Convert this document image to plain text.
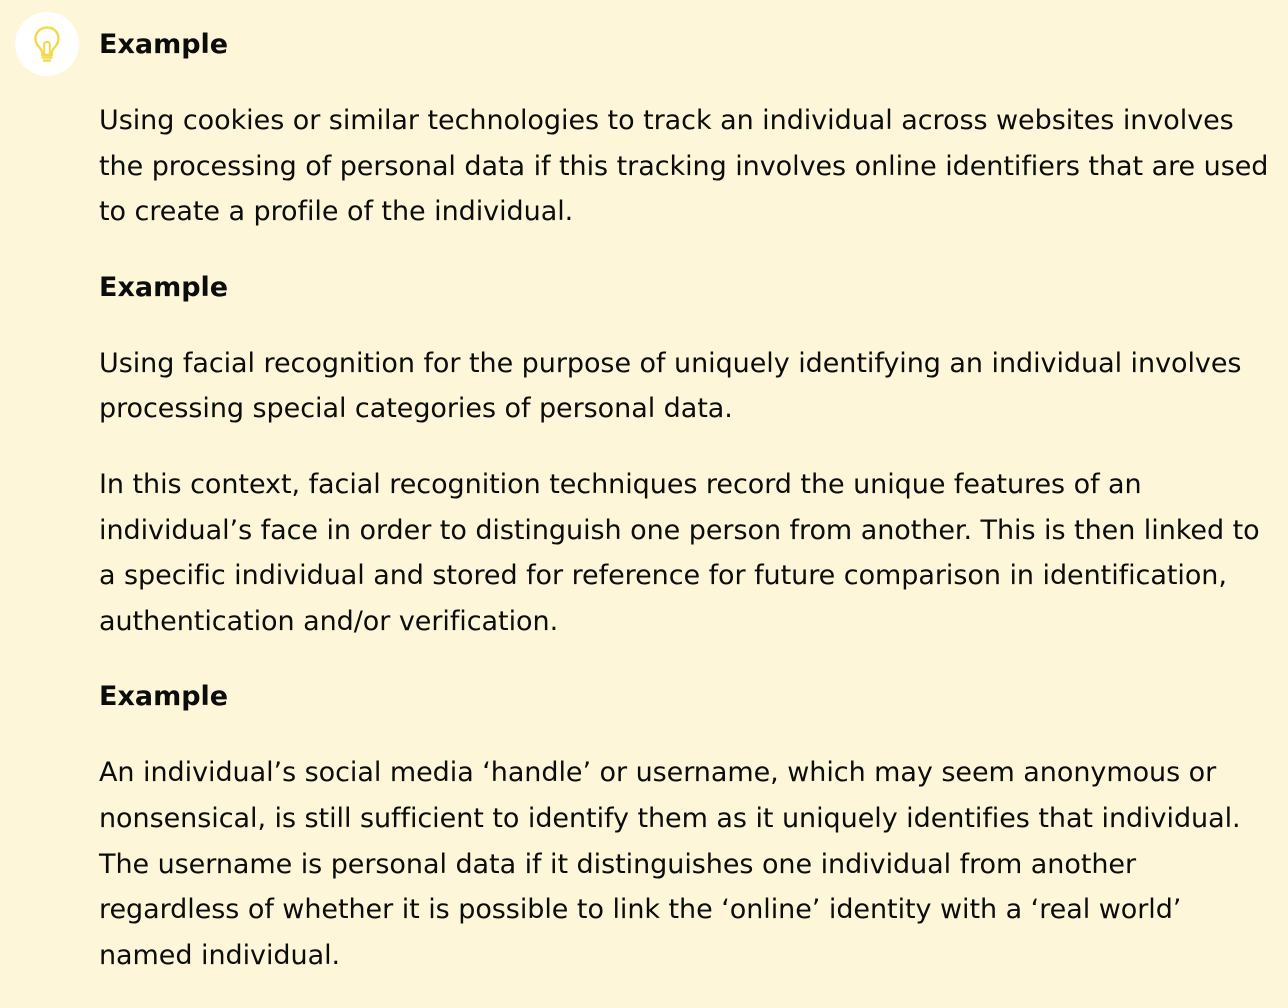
Example

Using cookies or similar technologies to track an individual across websites involves the processing of personal data if this tracking involves online identifiers that are used to create a profile of the individual.

Example

Using facial recognition for the purpose of uniquely identifying an individual involves processing special categories of personal data.

In this context, facial recognition techniques record the unique features of an individual’s face in order to distinguish one person from another. This is then linked to a specific individual and stored for reference for future comparison in identification, authentication and/or verification.

Example

An individual’s social media ‘handle’ or username, which may seem anonymous or nonsensical, is still sufficient to identify them as it uniquely identifies that individual. The username is personal data if it distinguishes one individual from another regardless of whether it is possible to link the ‘online’ identity with a ‘real world’ named individual.
